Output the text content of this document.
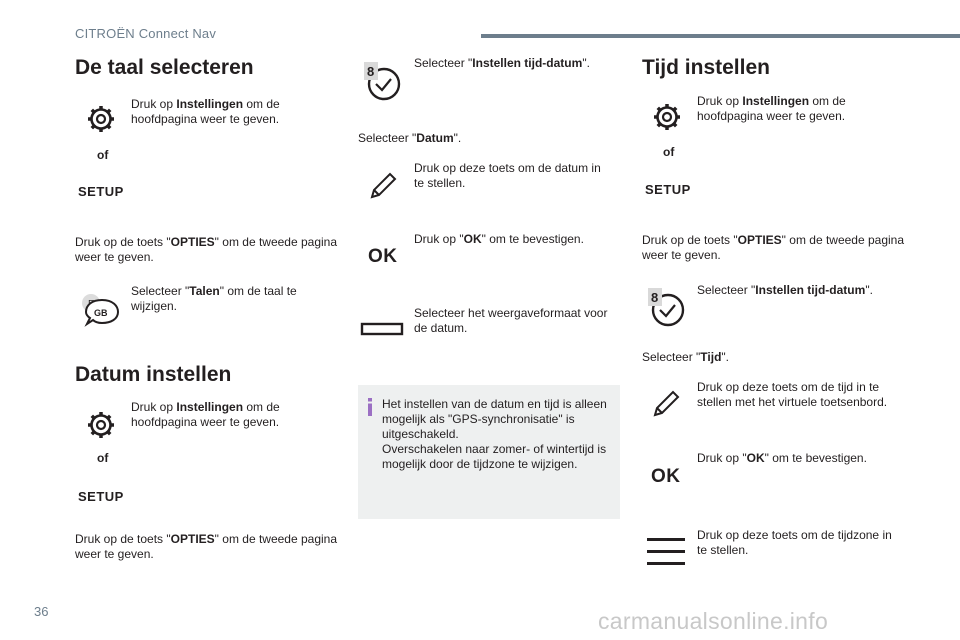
CITROËN Connect Nav
De taal selecteren
Druk op Instellingen om de hoofdpagina weer te geven.
of
SETUP
Druk op de toets "OPTIES" om de tweede pagina weer te geven.
GB
Selecteer "Talen" om de taal te wijzigen.
Datum instellen
Druk op Instellingen om de hoofdpagina weer te geven.
of
SETUP
Druk op de toets "OPTIES" om de tweede pagina weer te geven.
8
Selecteer "Instellen tijd-datum".
Selecteer "Datum".
Druk op deze toets om de datum in te stellen.
OK
Druk op "OK" om te bevestigen.
Selecteer het weergaveformaat voor de datum.
Het instellen van de datum en tijd is alleen mogelijk als "GPS-synchronisatie" is uitgeschakeld.
Overschakelen naar zomer- of wintertijd is mogelijk door de tijdzone te wijzigen.
Tijd instellen
Druk op Instellingen om de hoofdpagina weer te geven.
of
SETUP
Druk op de toets "OPTIES" om de tweede pagina weer te geven.
8	Selecteer "Instellen tijd-datum".
Selecteer "Tijd".
Druk op deze toets om de tijd in te stellen met het virtuele toetsenbord.
OK
Druk op "OK" om te bevestigen.
Druk op deze toets om de tijdzone in te stellen.
36	carmanualsonline.info
